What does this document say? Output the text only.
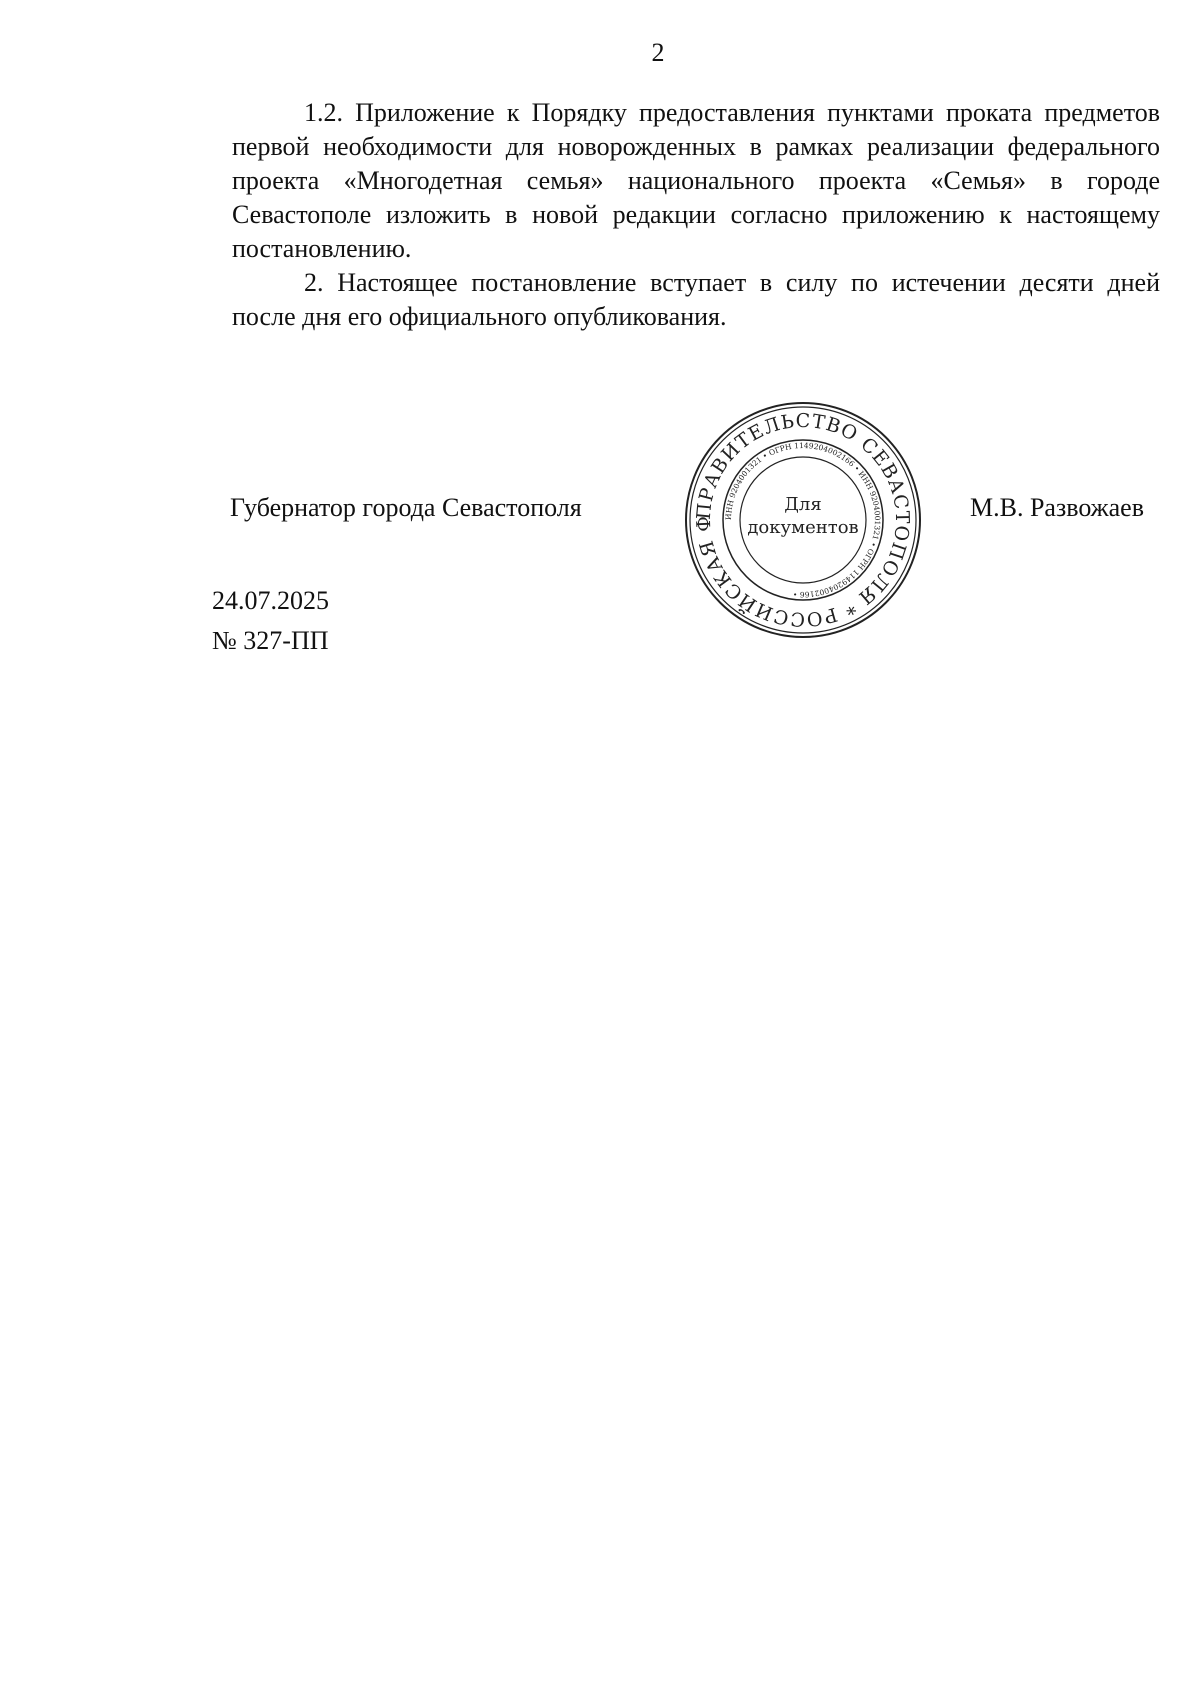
2

1.2. Приложение к Порядку предоставления пунктами проката предметов первой необходимости для новорожденных в рамках реализации федерального проекта «Многодетная семья» национального проекта «Семья» в городе Севастополе изложить в новой редакции согласно приложению к настоящему постановлению.

2. Настоящее постановление вступает в силу по истечении десяти дней после дня его официального опубликования.

Губернатор города Севастополя	ПРАВИТЕЛЬСТВО СЕВАСТОПОЛЯ * РОССИЙСКАЯ Ф	ИНН 9204001321 • ОГРН 1149204002166 • ИНН 9204001321 • ОГРН 1149204002166 •
Для
документов
М.В. Развожаев
24.07.2025
№ 327-ПП
